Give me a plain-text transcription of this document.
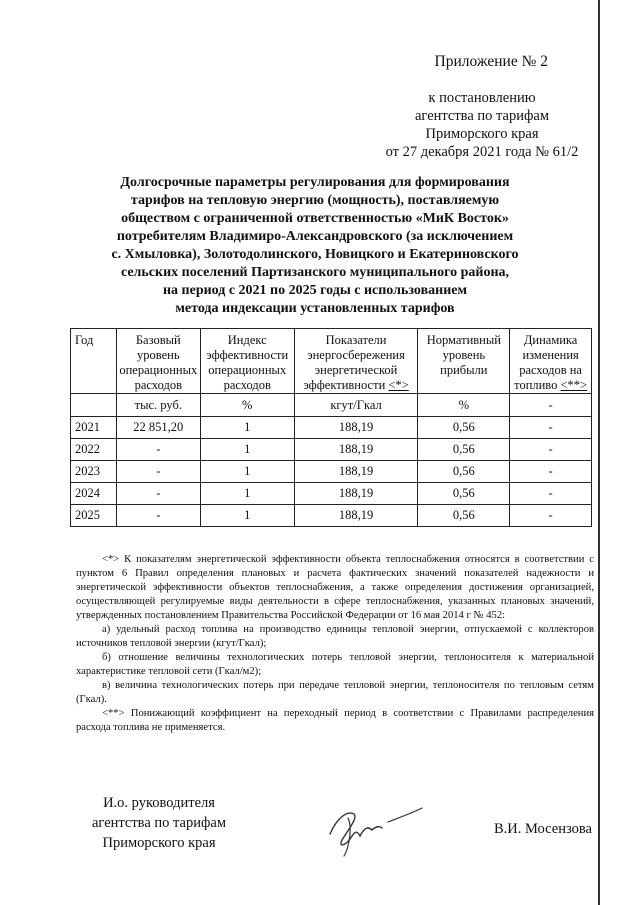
Приложение № 2
к постановлению
агентства по тарифам
Приморского края
от 27 декабря 2021 года № 61/2
Долгосрочные параметры регулирования для формирования
тарифов на тепловую энергию (мощность), поставляемую
обществом с ограниченной ответственностью «МиК Восток»
потребителям Владимиро-Александровского (за исключением
с. Хмыловка), Золотодолинского, Новицкого и Екатериновского
сельских поселений Партизанского муниципального района,
на период с 2021 по 2025 годы с использованием
метода индексации установленных тарифов
Год	Базовый уровень операционных расходов	Индекс эффективности операционных расходов	Показатели энергосбережения энергетической эффективности <*>	Нормативный уровень прибыли	Динамика изменения расходов на топливо <**>
	тыс. руб.	%	кгут/Гкал	%	-
2021	22 851,20	1	188,19	0,56	-
2022	-	1	188,19	0,56	-
2023	-	1	188,19	0,56	-
2024	-	1	188,19	0,56	-
2025	-	1	188,19	0,56	-

<*> К показателям энергетической эффективности объекта теплоснабжения относятся в соответствии с пунктом 6 Правил определения плановых и расчета фактических значений показателей надежности и энергетической эффективности объектов теплоснабжения, а также определения достижения организацией, осуществляющей регулируемые виды деятельности в сфере теплоснабжения, указанных плановых значений, утвержденных постановлением Правительства Российской Федерации от 16 мая 2014 г № 452:

а) удельный расход топлива на производство единицы тепловой энергии, отпускаемой с коллекторов источников тепловой энергии (кгут/Гкал);

б) отношение величины технологических потерь тепловой энергии, теплоносителя к материальной характеристике тепловой сети (Гкал/м2);

в) величина технологических потерь при передаче тепловой энергии, теплоносителя по тепловым сетям (Гкал).

<**> Понижающий коэффициент на переходный период в соответствии с Правилами распределения расхода топлива не применяется.

И.о. руководителя
агентства по тарифам
Приморского края
В.И. Мосензова
